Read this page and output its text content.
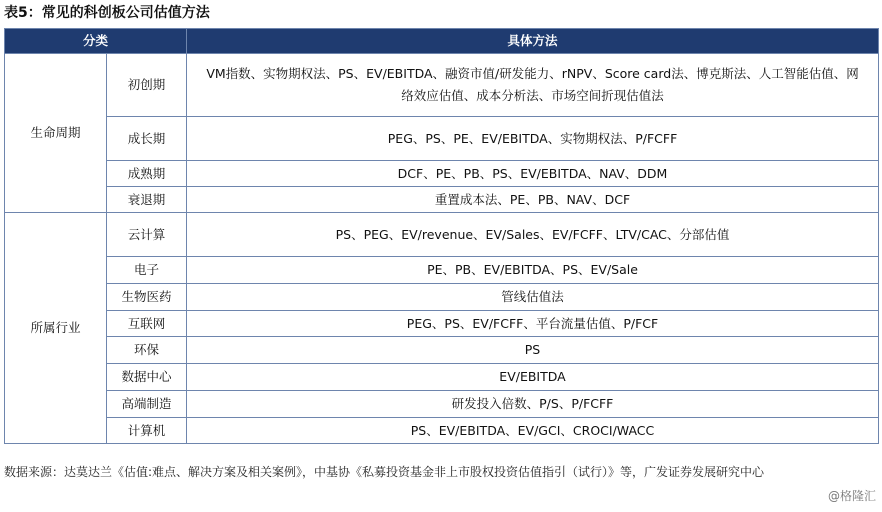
表5：常见的科创板公司估值方法
分类		具体方法
生命周期	初创期	VM指数、实物期权法、PS、EV/EBITDA、融资市值/研发能力、rNPV、Score card法、博克斯法、人工智能估值、网络效应估值、成本分析法、市场空间折现估值法
	成长期	PEG、PS、PE、EV/EBITDA、实物期权法、P/FCFF
	成熟期	DCF、PE、PB、PS、EV/EBITDA、NAV、DDM
	衰退期	重置成本法、PE、PB、NAV、DCF
所属行业	云计算	PS、PEG、EV/revenue、EV/Sales、EV/FCFF、LTV/CAC、分部估值
	电子	PE、PB、EV/EBITDA、PS、EV/Sale
	生物医药	管线估值法
	互联网	PEG、PS、EV/FCFF、平台流量估值、P/FCF
	环保	PS
	数据中心	EV/EBITDA
	高端制造	研发投入倍数、P/S、P/FCFF
	计算机	PS、EV/EBITDA、EV/GCI、CROCI/WACC
数据来源：达莫达兰《估值:难点、解决方案及相关案例》，中基协《私募投资基金非上市股权投资估值指引（试行）》等，广发证券发展研究中心
@格隆汇
